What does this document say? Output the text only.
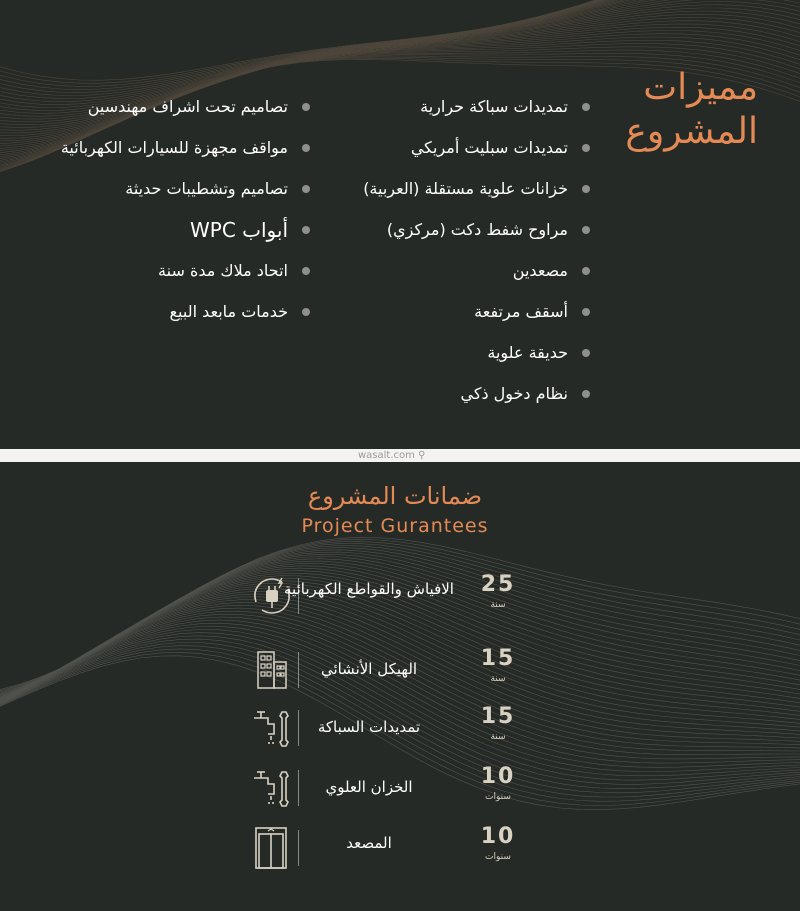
مميزات
المشروع
تمديدات سباكة حرارية
تمديدات سبليت أمريكي
خزانات علوية مستقلة (العربية)
مراوح شفط دكت (مركزي)
مصعدين
أسقف مرتفعة
حديقة علوية
نظام دخول ذكي
تصاميم تحت اشراف مهندسين
مواقف مجهزة للسيارات الكهربائية
تصاميم وتشطيبات حديثة
أبواب WPC
اتحاد ملاك مدة سنة
خدمات مابعد البيع
wasalt.com ⚲
ضمانات المشروع
Project Gurantees
الافياش والقواطع الكهربائية 25
سنة
الهيكل الأنشائي	15
سنة
تمديدات السباكة	15
سنة
الخزان العلوي	10
سنوات
المصعد	10
سنوات
